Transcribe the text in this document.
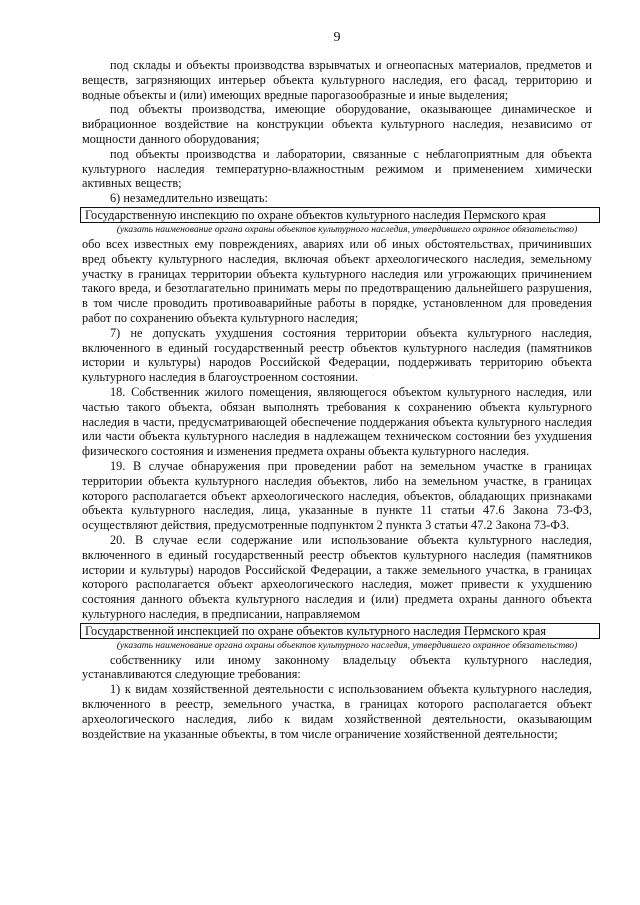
9

под склады и объекты производства взрывчатых и огнеопасных материалов, предметов и веществ, загрязняющих интерьер объекта культурного наследия, его фасад, территорию и водные объекты и (или) имеющих вредные парогазообразные и иные выделения;

под объекты производства, имеющие оборудование, оказывающее динамическое и вибрационное воздействие на конструкции объекта культурного наследия, независимо от мощности данного оборудования;

под объекты производства и лаборатории, связанные с неблагоприятным для объекта культурного наследия температурно-влажностным режимом и применением химически активных веществ;

6) незамедлительно извещать:

Государственную инспекцию по охране объектов культурного наследия Пермского края

(указать наименование органа охраны объектов культурного наследия, утвердившего охранное обязательство)

обо всех известных ему повреждениях, авариях или об иных обстоятельствах, причинивших вред объекту культурного наследия, включая объект археологического наследия, земельному участку в границах территории объекта культурного наследия или угрожающих причинением такого вреда, и безотлагательно принимать меры по предотвращению дальнейшего разрушения, в том числе проводить противоаварийные работы в порядке, установленном для проведения работ по сохранению объекта культурного наследия;

7) не допускать ухудшения состояния территории объекта культурного наследия, включенного в единый государственный реестр объектов культурного наследия (памятников истории и культуры) народов Российской Федерации, поддерживать территорию объекта культурного наследия в благоустроенном состоянии.

18. Собственник жилого помещения, являющегося объектом культурного наследия, или частью такого объекта, обязан выполнять требования к сохранению объекта культурного наследия в части, предусматривающей обеспечение поддержания объекта культурного наследия или части объекта культурного наследия в надлежащем техническом состоянии без ухудшения физического состояния и изменения предмета охраны объекта культурного наследия.

19. В случае обнаружения при проведении работ на земельном участке в границах территории объекта культурного наследия объектов, либо на земельном участке, в границах которого располагается объект археологического наследия, объектов, обладающих признаками объекта культурного наследия, лица, указанные в пункте 11 статьи 47.6 Закона 73-ФЗ, осуществляют действия, предусмотренные подпунктом 2 пункта 3 статьи 47.2 Закона 73-ФЗ.

20. В случае если содержание или использование объекта культурного наследия, включенного в единый государственный реестр объектов культурного наследия (памятников истории и культуры) народов Российской Федерации, а также земельного участка, в границах которого располагается объект археологического наследия, может привести к ухудшению состояния данного объекта культурного наследия и (или) предмета охраны данного объекта культурного наследия, в предписании, направляемом

Государственной инспекцией по охране объектов культурного наследия Пермского края

(указать наименование органа охраны объектов культурного наследия, утвердившего охранное обязательство)

собственнику или иному законному владельцу объекта культурного наследия, устанавливаются следующие требования:

1) к видам хозяйственной деятельности с использованием объекта культурного наследия, включенного в реестр, земельного участка, в границах которого располагается объект археологического наследия, либо к видам хозяйственной деятельности, оказывающим воздействие на указанные объекты, в том числе ограничение хозяйственной деятельности;
